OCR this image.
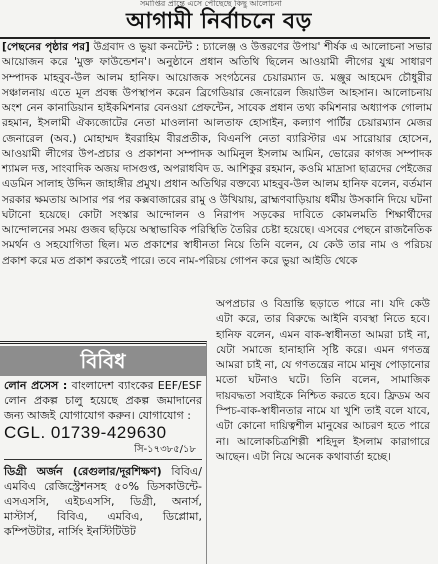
সমাপ্তির প্রান্তে এসে পৌঁছেছে কিছু আলোচনা
আগামী নির্বাচনে বড়

[পেছনের পৃষ্ঠার পর] উগ্রবাদ ও ভুয়া কনটেন্ট : চ্যালেঞ্জ ও উত্তরণের উপায়' শীর্ষক এ আলোচনা সভার আয়োজন করে 'মুক্ত ফাউন্ডেশন'। অনুষ্ঠানে প্রধান অতিথি ছিলেন আওয়ামী লীগের যুগ্ম সাধারণ সম্পাদক মাহবুব-উল আলম হানিফ। আয়োজক সংগঠনের চেয়ারম্যান ড. মঞ্জুর আহমেদ চৌধুরীর সঞ্চালনায় এতে মূল প্রবন্ধ উপস্থাপন করেন ব্রিগেডিয়ার জেনারেল জিয়াউল আহসান। আলোচনায় অংশ নেন কানাডিয়ান হাইকমিশনার বেনওয়া প্রেফন্টেন, সাবেক প্রধান তথ্য কমিশনার অধ্যাপক গোলাম রহমান, ইসলামী ঐক্যজোটের নেতা মাওলানা আলতাফ হোসাইন, কল্যাণ পার্টির চেয়ারম্যান মেজর জেনারেল (অব.) মোহাম্মদ ইবরাহিম বীরপ্রতীক, বিএনপি নেতা ব্যারিস্টার এম সারোয়ার হোসেন, আওয়ামী লীগের উপ-প্রচার ও প্রকাশনা সম্পাদক আমিনুল ইসলাম আমিন, ভোরের কাগজ সম্পাদক শ্যামল দত্ত, সাংবাদিক অজয় দাসগুপ্ত, অপরাধবিদ ড. আশিকুর রহমান, কওমি মাদ্রাসা ছাত্রদের পেইজের এডমিন সালাহ উদ্দিন জাহাঙ্গীর প্রমুখ। প্রধান অতিথির বক্তব্যে মাহবুব-উল আলম হানিফ বলেন, বর্তমান সরকার ক্ষমতায় আসার পর পর কক্সবাজারের রামু ও উখিয়ায়, ব্রাহ্মণবাড়িয়ায় ধর্মীয় উসকানি দিয়ে ঘটনা ঘটানো হয়েছে। কোটা সংস্কার আন্দোলন ও নিরাপদ সড়কের দাবিতে কোমলমতি শিক্ষার্থীদের আন্দোলনের সময় গুজব ছড়িয়ে অস্থাভাবিক পরিস্থিতি তৈরির চেষ্টা হয়েছে। এসবের পেছনে রাজনৈতিক সমর্থন ও সহযোগিতা ছিল। মত প্রকাশের স্বাধীনতা নিয়ে তিনি বলেন, যে কেউ তার নাম ও পরিচয় প্রকাশ করে মত প্রকাশ করতেই পারে। তবে নাম-পরিচয় গোপন করে ভুয়া আইডি থেকে

অপপ্রচার ও বিভ্রান্তি ছড়াতে পারে না। যদি কেউ এটা করে, তার বিরুদ্ধে আইনি ব্যবস্থা নিতে হবে। হানিফ বলেন, এমন বাক-স্বাধীনতা আমরা চাই না, যেটা সমাজে হানাহানি সৃষ্টি করে। এমন গণতন্ত্র আমরা চাই না, যে গণতন্ত্রের নামে মানুষ পোড়ানোর মতো ঘটনাও ঘটে। তিনি বলেন, সামাজিক দায়বদ্ধতা সবাইকে নিশ্চিত করতে হবে। ফ্রিডম অব স্পিচ-বাক-স্বাধীনতার নামে যা খুশি তাই বলে যাবে, এটা কোনো দায়িত্বশীল মানুষের আচরণ হতে পারে না। আলোকচিত্রশিল্পী শহিদুল ইসলাম কারাগারে আছেন। এটা নিয়ে অনেক কথাবার্তা হচ্ছে।

বিবিধ
লোন প্রসেস : বাংলাদেশ ব্যাংকের EEF/ESF লোন প্রকল্প চালু হয়েছে প্রকল্প জমাদানের জন্য আজই যোগাযোগ করুন। যোগাযোগ :
CGL. 01739-429630
সি-১৭৩৮৫/১৮
ডিগ্রী অর্জন (রেগুলার/দূরশিক্ষণ) বিবিএ/এমবিএ রেজিস্ট্রেশনসহ ৫০% ডিসকাউন্টে-এসএসসি, এইচএসসি, ডিগ্রী, অনার্স, মাস্টার্স, বিবিএ, এমবিএ, ডিপ্লোমা, কম্পিউটার, নার্সিং ইনস্টিটিউট
